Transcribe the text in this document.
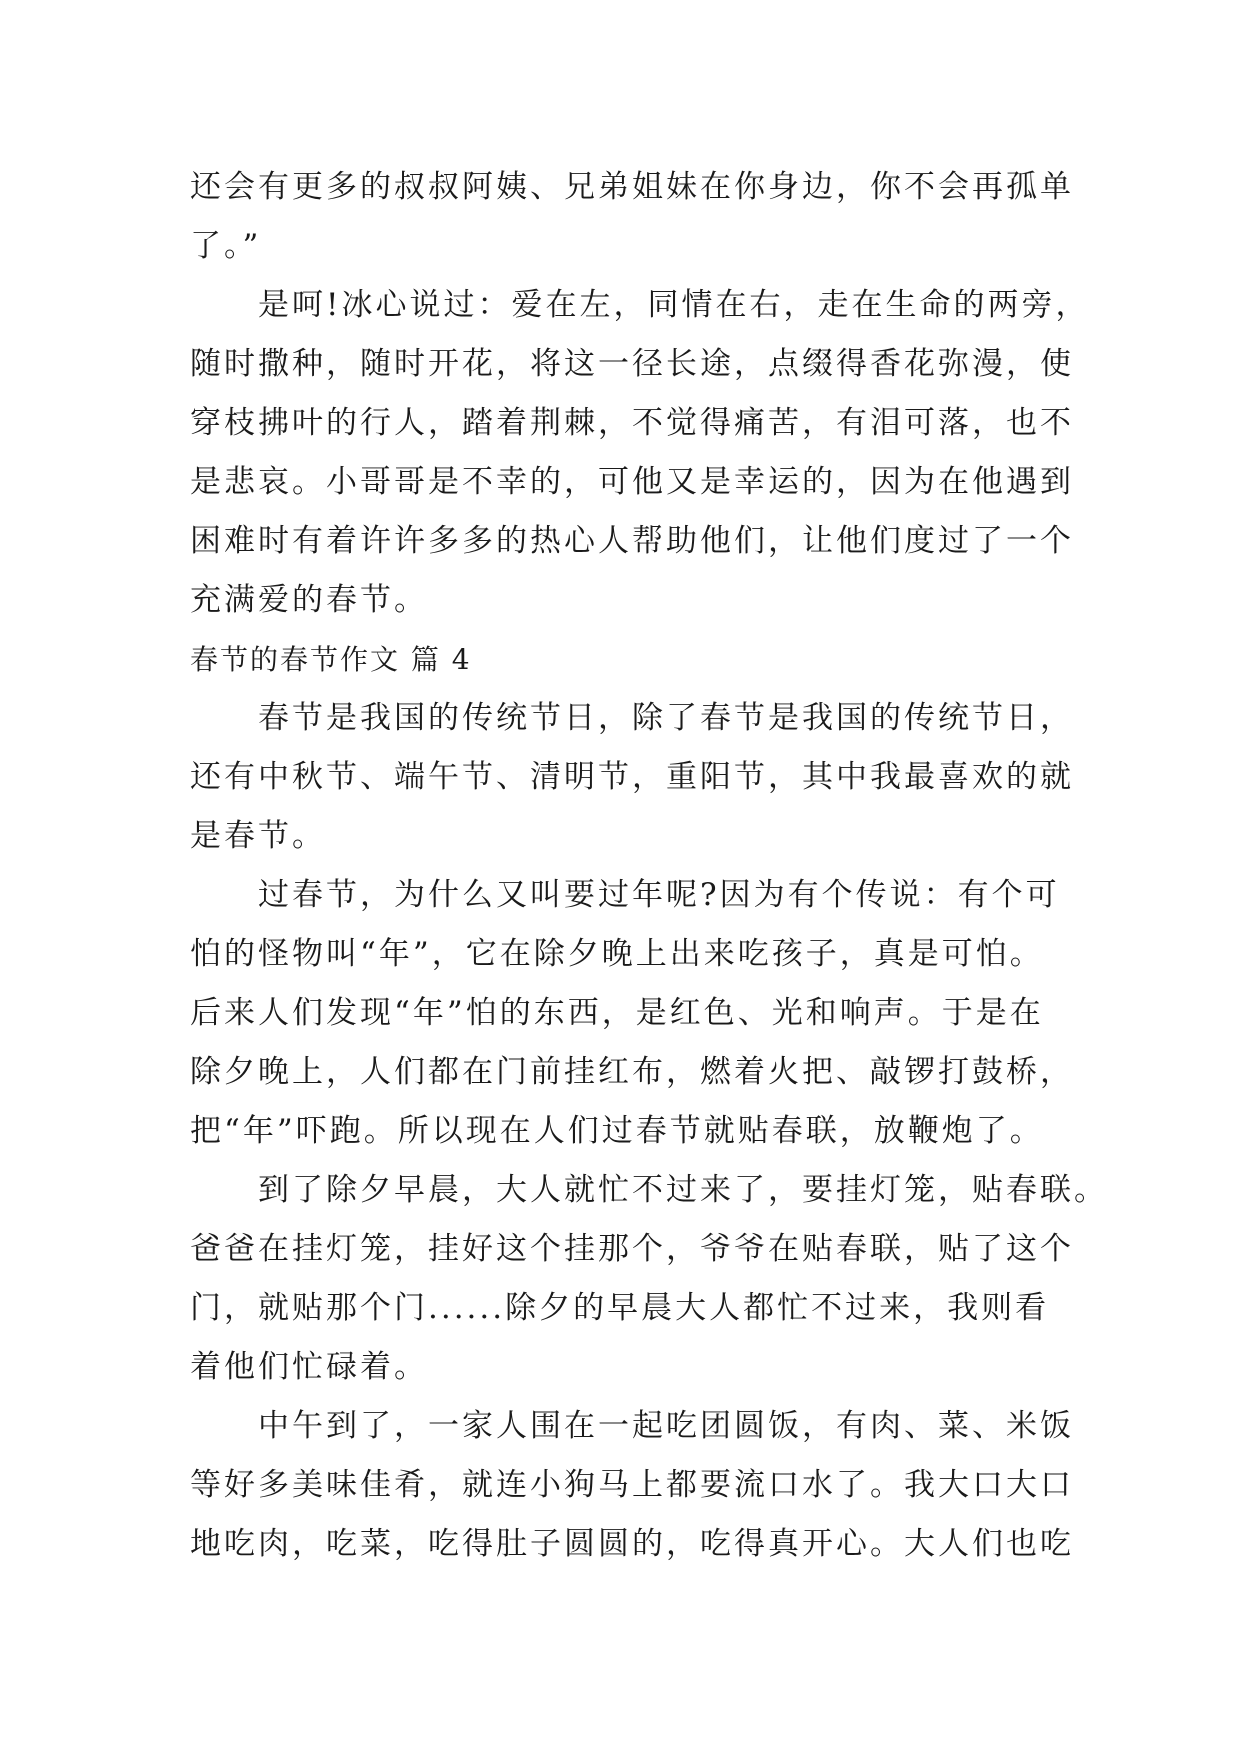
还会有更多的叔叔阿姨、兄弟姐妹在你身边，你不会再孤单
了。”
是呵!冰心说过：爱在左，同情在右，走在生命的两旁，
随时撒种，随时开花，将这一径长途，点缀得香花弥漫，使
穿枝拂叶的行人，踏着荆棘，不觉得痛苦，有泪可落，也不
是悲哀。小哥哥是不幸的，可他又是幸运的，因为在他遇到
困难时有着许许多多的热心人帮助他们，让他们度过了一个
充满爱的春节。
春节的春节作文 篇 4
春节是我国的传统节日，除了春节是我国的传统节日，
还有中秋节、端午节、清明节，重阳节，其中我最喜欢的就
是春节。
过春节，为什么又叫要过年呢?因为有个传说：有个可
怕的怪物叫“年”，它在除夕晚上出来吃孩子，真是可怕。
后来人们发现“年”怕的东西，是红色、光和响声。于是在
除夕晚上，人们都在门前挂红布，燃着火把、敲锣打鼓桥，
把“年”吓跑。所以现在人们过春节就贴春联，放鞭炮了。
到了除夕早晨，大人就忙不过来了，要挂灯笼，贴春联。
爸爸在挂灯笼，挂好这个挂那个，爷爷在贴春联，贴了这个
门，就贴那个门......除夕的早晨大人都忙不过来，我则看
着他们忙碌着。
中午到了，一家人围在一起吃团圆饭，有肉、菜、米饭
等好多美味佳肴，就连小狗马上都要流口水了。我大口大口
地吃肉，吃菜，吃得肚子圆圆的，吃得真开心。大人们也吃
